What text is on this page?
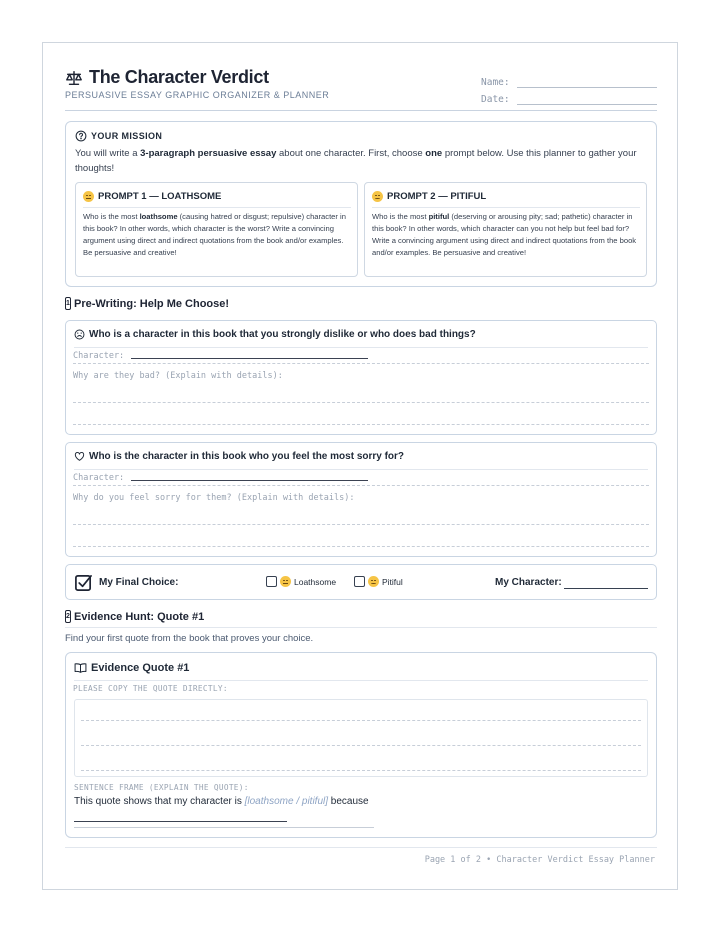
The Character Verdict
PERSUASIVE ESSAY GRAPHIC ORGANIZER & PLANNER
Name:
Date:
YOUR MISSION
You will write a 3-paragraph persuasive essay about one character. First, choose one prompt below. Use this planner to gather your thoughts!
PROMPT 1 — LOATHSOME
Who is the most loathsome (causing hatred or disgust; repulsive) character in this book? In other words, which character is the worst? Write a convincing argument using direct and indirect quotations from the book and/or examples. Be persuasive and creative!
PROMPT 2 — PITIFUL
Who is the most pitiful (deserving or arousing pity; sad; pathetic) character in this book? In other words, which character can you not help but feel bad for? Write a convincing argument using direct and indirect quotations from the book and/or examples. Be persuasive and creative!
1 Pre-Writing: Help Me Choose!
Who is a character in this book that you strongly dislike or who does bad things?
Character:
Why are they bad? (Explain with details):
Who is the character in this book who you feel the most sorry for?
Character:
Why do you feel sorry for them? (Explain with details):
My Final Choice:	Loathsome	Pitiful	My Character:
2 Evidence Hunt: Quote #1
Find your first quote from the book that proves your choice.
Evidence Quote #1
PLEASE COPY THE QUOTE DIRECTLY:
SENTENCE FRAME (EXPLAIN THE QUOTE):
This quote shows that my character is [loathsome / pitiful] because
Page 1 of 2 • Character Verdict Essay Planner
